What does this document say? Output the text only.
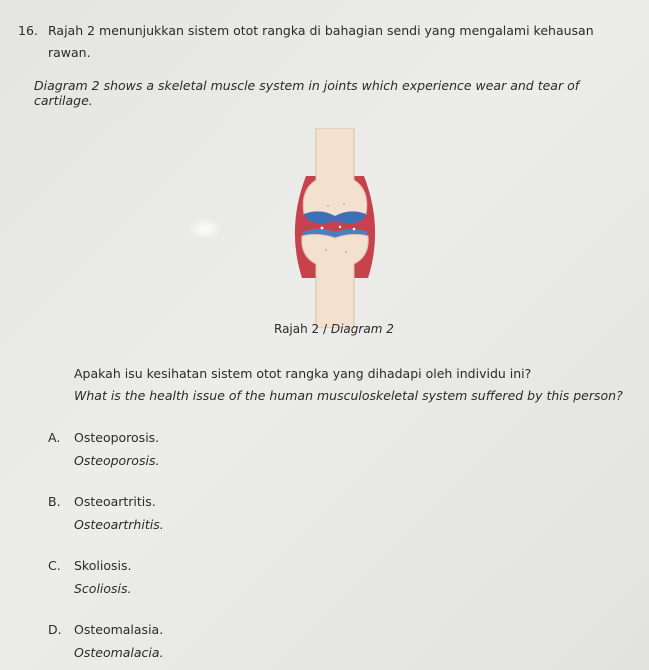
16. Rajah 2 menunjukkan sistem otot rangka di bahagian sendi yang mengalami kehausan rawan.
Diagram 2 shows a skeletal muscle system in joints which experience wear and tear of cartilage.
Rajah 2 / Diagram 2
Apakah isu kesihatan sistem otot rangka yang dihadapi oleh individu ini?
What is the health issue of the human musculoskeletal system suffered by this person?
A. Osteoporosis.
Osteoporosis.
B. Osteoartritis.
Osteoartrhitis.
C. Skoliosis.
Scoliosis.
D. Osteomalasia.
Osteomalacia.
